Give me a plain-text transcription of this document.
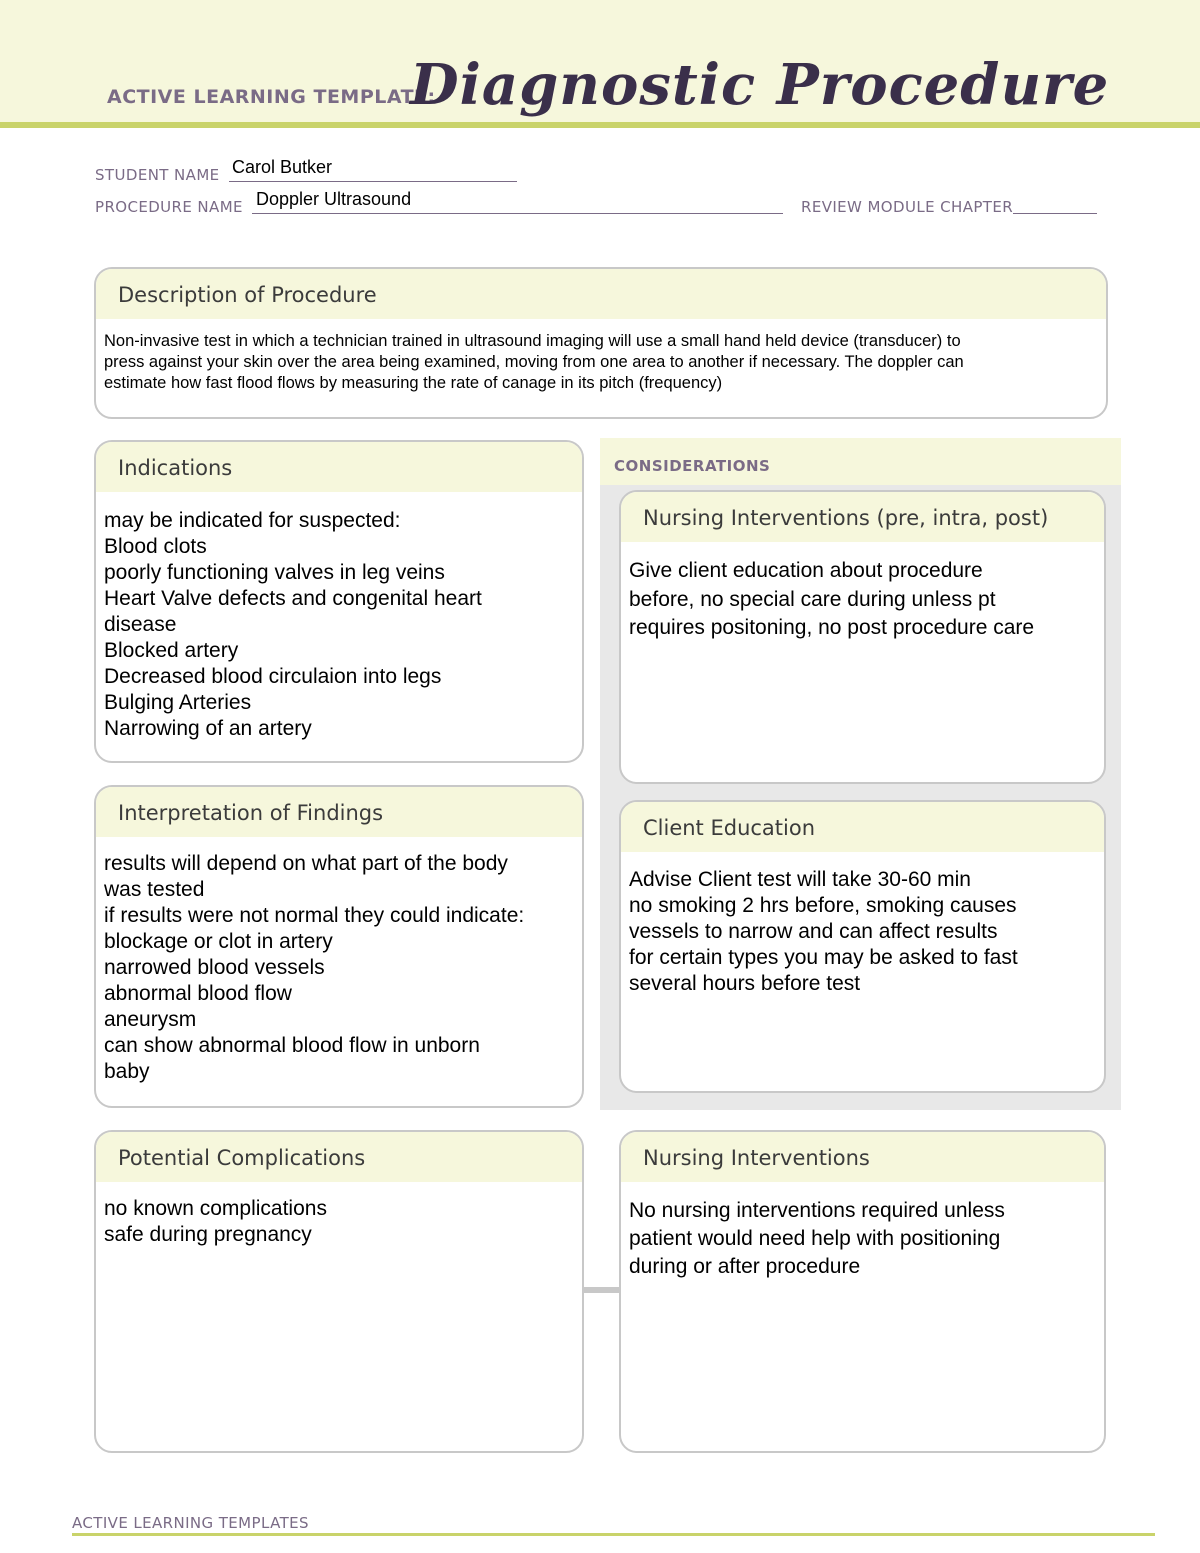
ACTIVE LEARNING TEMPLATE:
Diagnostic Procedure
STUDENT NAME Carol Butker
PROCEDURE NAME Doppler Ultrasound	REVIEW MODULE CHAPTER
Description of Procedure
Non-invasive test in which a technician trained in ultrasound imaging will use a small hand held device (transducer) to
press against your skin over the area being examined, moving from one area to another if necessary. The doppler can
estimate how fast flood flows by measuring the rate of canage in its pitch (frequency)
Indications
may be indicated for suspected:
Blood clots
poorly functioning valves in leg veins
Heart Valve defects and congenital heart
disease
Blocked artery
Decreased blood circulaion into legs
Bulging Arteries
Narrowing of an artery
Interpretation of Findings
results will depend on what part of the body
was tested
if results were not normal they could indicate:
blockage or clot in artery
narrowed blood vessels
abnormal blood flow
aneurysm
can show abnormal blood flow in unborn
baby
CONSIDERATIONS
Nursing Interventions (pre, intra, post)
Give client education about procedure
before, no special care during unless pt
requires positoning, no post procedure care
Client Education
Advise Client test will take 30-60 min
no smoking 2 hrs before, smoking causes
vessels to narrow and can affect results
for certain types you may be asked to fast
several hours before test
Potential Complications
no known complications
safe during pregnancy
Nursing Interventions
No nursing interventions required unless
patient would need help with positioning
during or after procedure
ACTIVE LEARNING TEMPLATES
